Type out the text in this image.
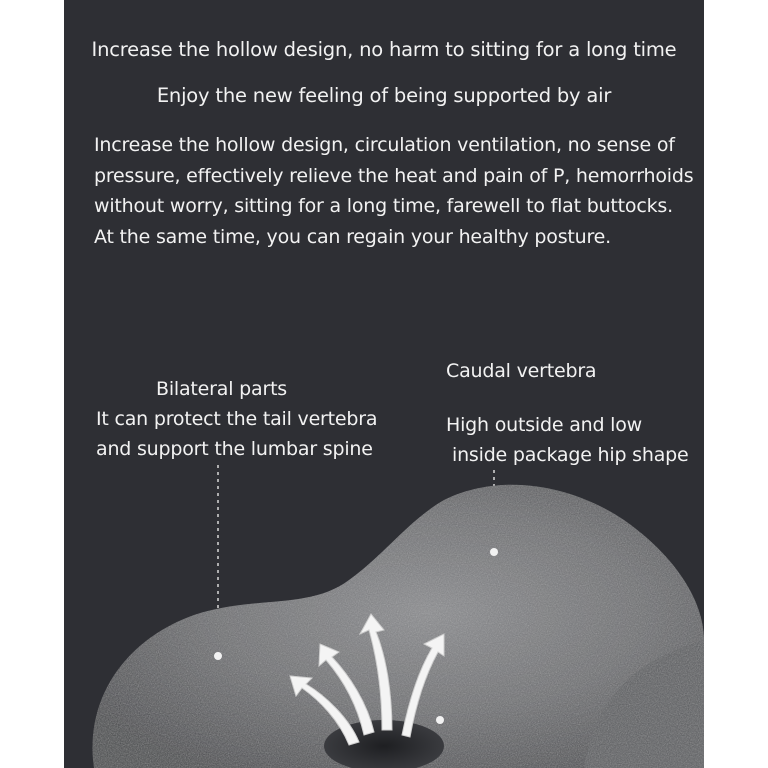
Increase the hollow design, no harm to sitting for a long time
Enjoy the new feeling of being supported by air
Increase the hollow design, circulation ventilation, no sense of
pressure, effectively relieve the heat and pain of P, hemorrhoids
without worry, sitting for a long time, farewell to flat buttocks.
At the same time, you can regain your healthy posture.
Bilateral parts
It can protect the tail vertebra
and support the lumbar spine
Caudal vertebra
High outside and low
inside package hip shape
